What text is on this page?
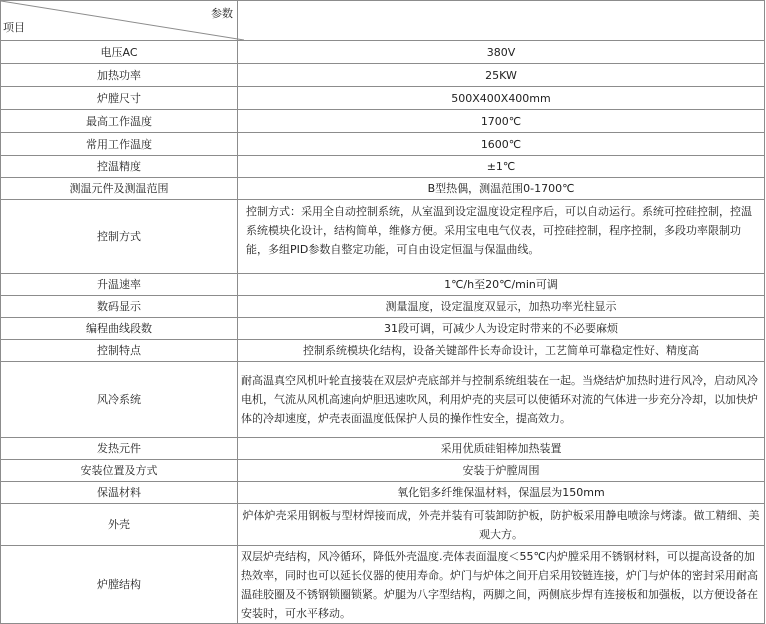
参数
项目	

电压AC	380V
加热功率	25KW
炉膛尺寸	500X400X400mm
最高工作温度	1700℃
常用工作温度	1600℃
控温精度	±1℃
测温元件及测温范围	B型热偶，测温范围0-1700℃
控制方式	控制方式：采用全自动控制系统，从室温到设定温度设定程序后，可以自动运行。系统可控硅控制，控温系统模块化设计，结构简单，维修方便。采用宝电电气仪表，可控硅控制，程序控制，多段功率限制功能，多组PID参数自整定功能，可自由设定恒温与保温曲线。
升温速率	1℃/h至20℃/min可调
数码显示	测量温度，设定温度双显示，加热功率光柱显示
编程曲线段数	31段可调，可减少人为设定时带来的不必要麻烦
控制特点	控制系统模块化结构，设备关键部件长寿命设计，工艺简单可靠稳定性好、精度高
风冷系统	耐高温真空风机叶轮直接装在双层炉壳底部并与控制系统组装在一起。当烧结炉加热时进行风冷，启动风冷电机，气流从风机高速向炉胆迅速吹风，利用炉壳的夹层可以使循环对流的气体进一步充分冷却，以加快炉体的冷却速度，炉壳表面温度低保护人员的操作性安全，提高效力。
发热元件	采用优质硅钼棒加热装置
安装位置及方式	安装于炉膛周围
保温材料	氧化铝多纤维保温材料，保温层为150mm
外壳	炉体炉壳采用钢板与型材焊接而成，外壳并装有可装卸防护板，防护板采用静电喷涂与烤漆。做工精细、美观大方。
炉膛结构	双层炉壳结构，风冷循环，降低外壳温度.壳体表面温度＜55℃内炉膛采用不锈钢材料，可以提高设备的加热效率，同时也可以延长仪器的使用寿命。炉门与炉体之间开启采用铰链连接，炉门与炉体的密封采用耐高温硅胶圈及不锈钢锁圈锁紧。炉腿为八字型结构，两脚之间，两侧底步焊有连接板和加强板，以方便设备在安装时，可水平移动。
